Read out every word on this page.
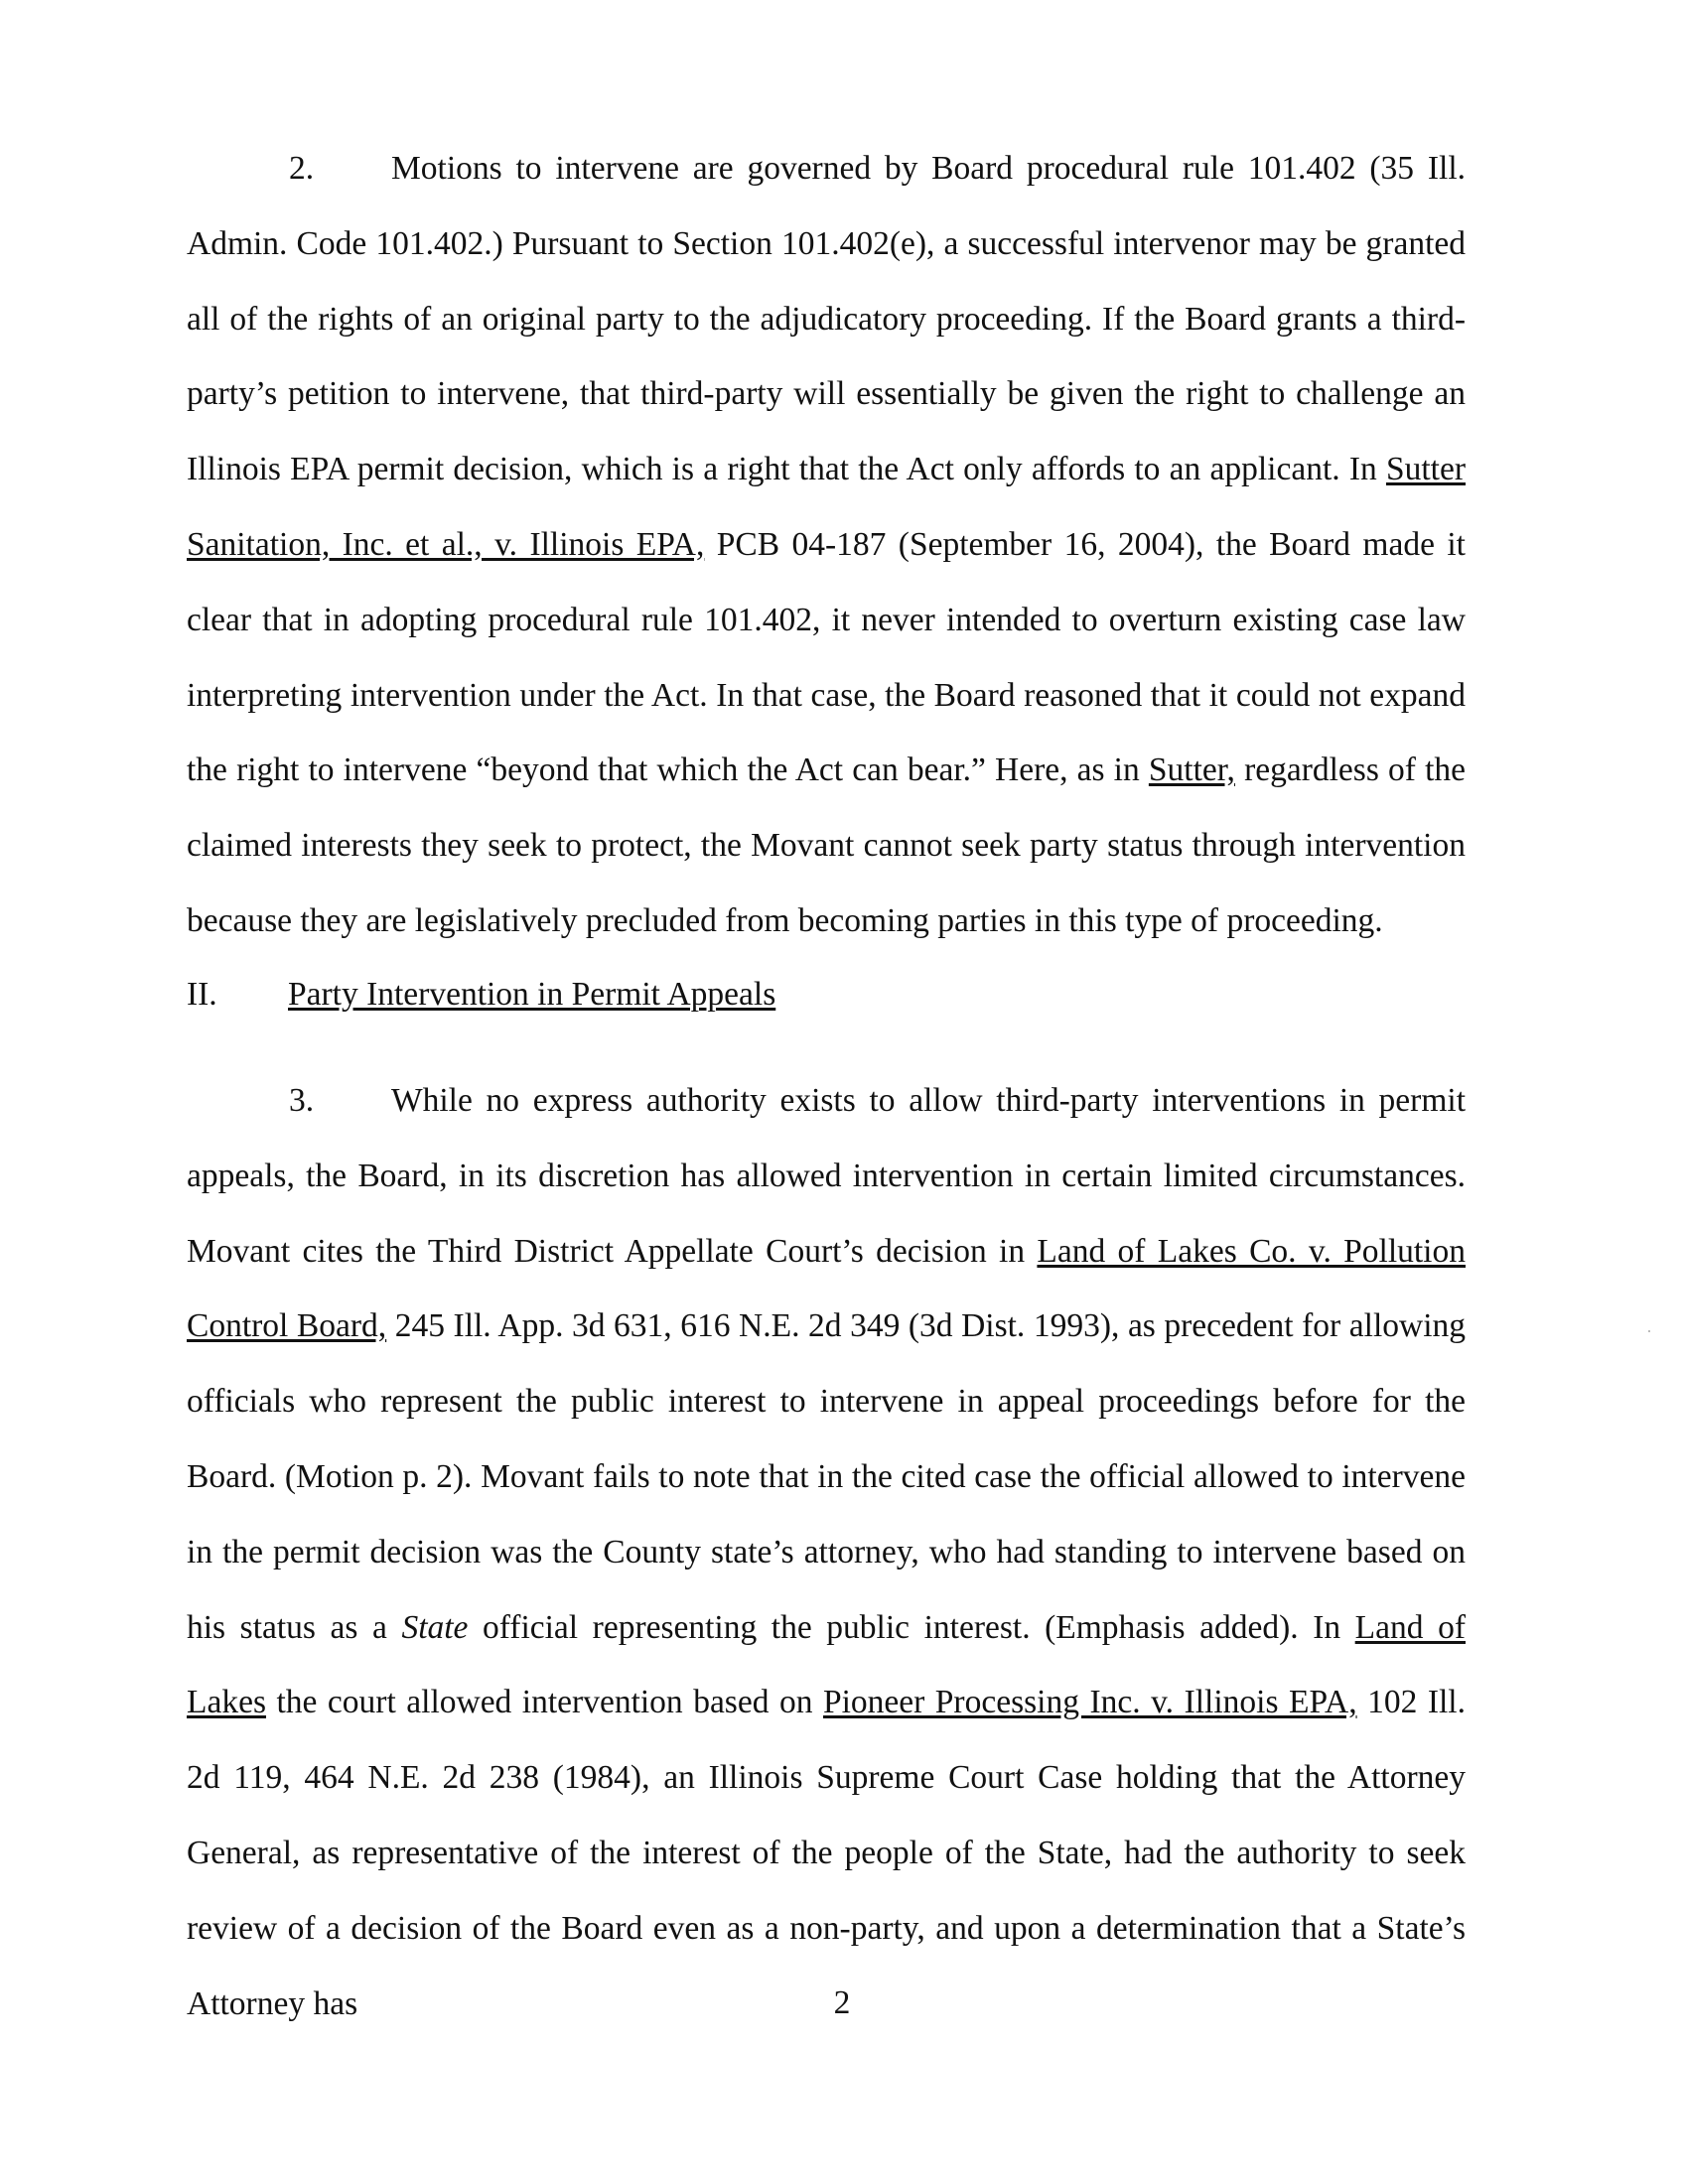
2. Motions to intervene are governed by Board procedural rule 101.402 (35 Ill. Admin. Code 101.402.) Pursuant to Section 101.402(e), a successful intervenor may be granted all of the rights of an original party to the adjudicatory proceeding. If the Board grants a third-party’s petition to intervene, that third-party will essentially be given the right to challenge an Illinois EPA permit decision, which is a right that the Act only affords to an applicant. In Sutter Sanitation, Inc. et al., v. Illinois EPA, PCB 04-187 (September 16, 2004), the Board made it clear that in adopting procedural rule 101.402, it never intended to overturn existing case law interpreting intervention under the Act. In that case, the Board reasoned that it could not expand the right to intervene “beyond that which the Act can bear.” Here, as in Sutter, regardless of the claimed interests they seek to protect, the Movant cannot seek party status through intervention because they are legislatively precluded from becoming parties in this type of proceeding.
II. Party Intervention in Permit Appeals
3. While no express authority exists to allow third-party interventions in permit appeals, the Board, in its discretion has allowed intervention in certain limited circumstances. Movant cites the Third District Appellate Court’s decision in Land of Lakes Co. v. Pollution Control Board, 245 Ill. App. 3d 631, 616 N.E. 2d 349 (3d Dist. 1993), as precedent for allowing officials who represent the public interest to intervene in appeal proceedings before for the Board. (Motion p. 2). Movant fails to note that in the cited case the official allowed to intervene in the permit decision was the County state’s attorney, who had standing to intervene based on his status as a State official representing the public interest. (Emphasis added). In Land of Lakes the court allowed intervention based on Pioneer Processing Inc. v. Illinois EPA, 102 Ill. 2d 119, 464 N.E. 2d 238 (1984), an Illinois Supreme Court Case holding that the Attorney General, as representative of the interest of the people of the State, had the authority to seek review of a decision of the Board even as a non-party, and upon a determination that a State’s Attorney has	2
